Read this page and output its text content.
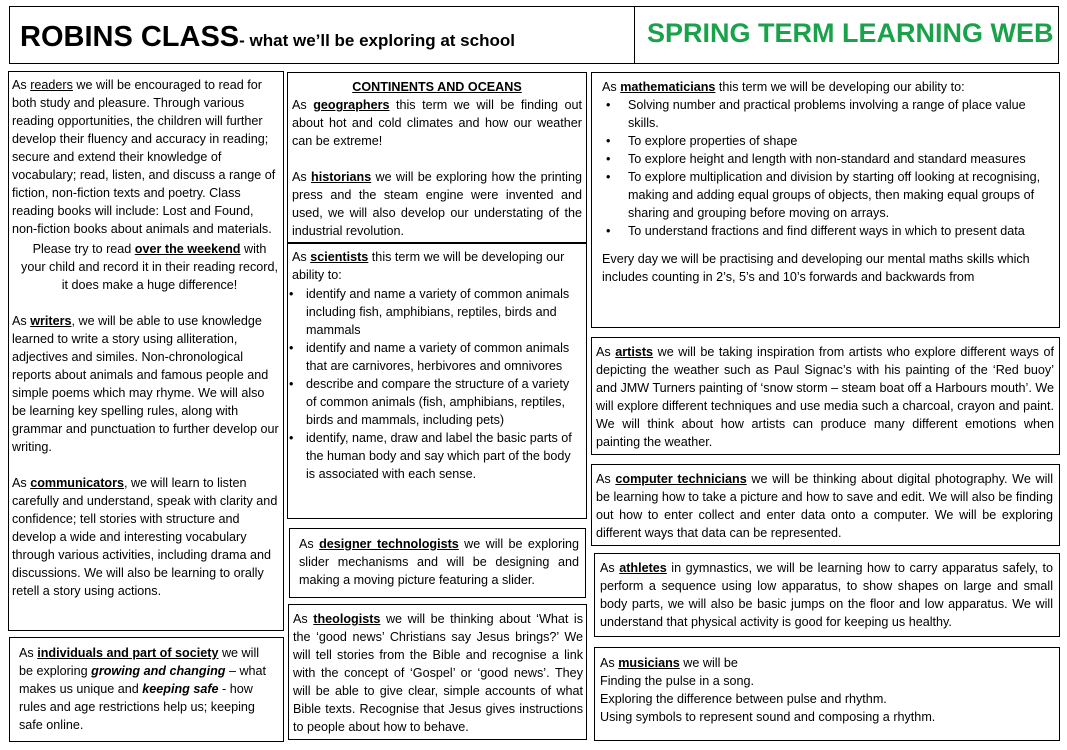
ROBINS CLASS- what we’ll be exploring at school	SPRING TERM LEARNING WEB

As readers we will be encouraged to read for both study and pleasure. Through various reading opportunities, the children will further develop their fluency and accuracy in reading; secure and extend their knowledge of vocabulary; read, listen, and discuss a range of fiction, non-fiction texts and poetry. Class reading books will include: Lost and Found, non-fiction books about animals and materials.

Please try to read over the weekend with your child and record it in their reading record, it does make a huge difference!

As writers, we will be able to use knowledge learned to write a story using alliteration, adjectives and similes. Non-chronological reports about animals and famous people and simple poems which may rhyme. We will also be learning key spelling rules, along with grammar and punctuation to further develop our writing.

As communicators, we will learn to listen carefully and understand, speak with clarity and confidence; tell stories with structure and develop a wide and interesting vocabulary through various activities, including drama and discussions. We will also be learning to orally retell a story using actions.

As individuals and part of society we will be exploring growing and changing – what makes us unique and keeping safe - how rules and age restrictions help us; keeping safe online.

CONTINENTS AND OCEANS

As geographers this term we will be finding out about hot and cold climates and how our weather can be extreme!

As historians we will be exploring how the printing press and the steam engine were invented and used, we will also develop our understating of the industrial revolution.

As scientists this term we will be developing our ability to:

• identify and name a variety of common animals including fish, amphibians, reptiles, birds and mammals
• identify and name a variety of common animals that are carnivores, herbivores and omnivores
• describe and compare the structure of a variety of common animals (fish, amphibians, reptiles, birds and mammals, including pets)
• identify, name, draw and label the basic parts of the human body and say which part of the body is associated with each sense.

As designer technologists we will be exploring slider mechanisms and will be designing and making a moving picture featuring a slider.

As theologists we will be thinking about ‘What is the ‘good news’ Christians say Jesus brings?’ We will tell stories from the Bible and recognise a link with the concept of ‘Gospel’ or ‘good news’. They will be able to give clear, simple accounts of what Bible texts. Recognise that Jesus gives instructions to people about how to behave.

As mathematicians this term we will be developing our ability to:

• Solving number and practical problems involving a range of place value skills.
• To explore properties of shape
• To explore height and length with non-standard and standard measures
• To explore multiplication and division by starting off looking at recognising, making and adding equal groups of objects, then making equal groups of sharing and grouping before moving on arrays.
• To understand fractions and find different ways in which to present data

Every day we will be practising and developing our mental maths skills which includes counting in 2’s, 5’s and 10’s forwards and backwards from

As artists we will be taking inspiration from artists who explore different ways of depicting the weather such as Paul Signac’s with his painting of the ‘Red buoy’ and JMW Turners painting of ‘snow storm – steam boat off a Harbours mouth’. We will explore different techniques and use media such a charcoal, crayon and paint. We will think about how artists can produce many different emotions when painting the weather.

As computer technicians we will be thinking about digital photography. We will be learning how to take a picture and how to save and edit. We will also be finding out how to enter collect and enter data onto a computer. We will be exploring different ways that data can be represented.

As athletes in gymnastics, we will be learning how to carry apparatus safely, to perform a sequence using low apparatus, to show shapes on large and small body parts, we will also be basic jumps on the floor and low apparatus. We will understand that physical activity is good for keeping us healthy.

As musicians we will be

Finding the pulse in a song.

Exploring the difference between pulse and rhythm.

Using symbols to represent sound and composing a rhythm.
